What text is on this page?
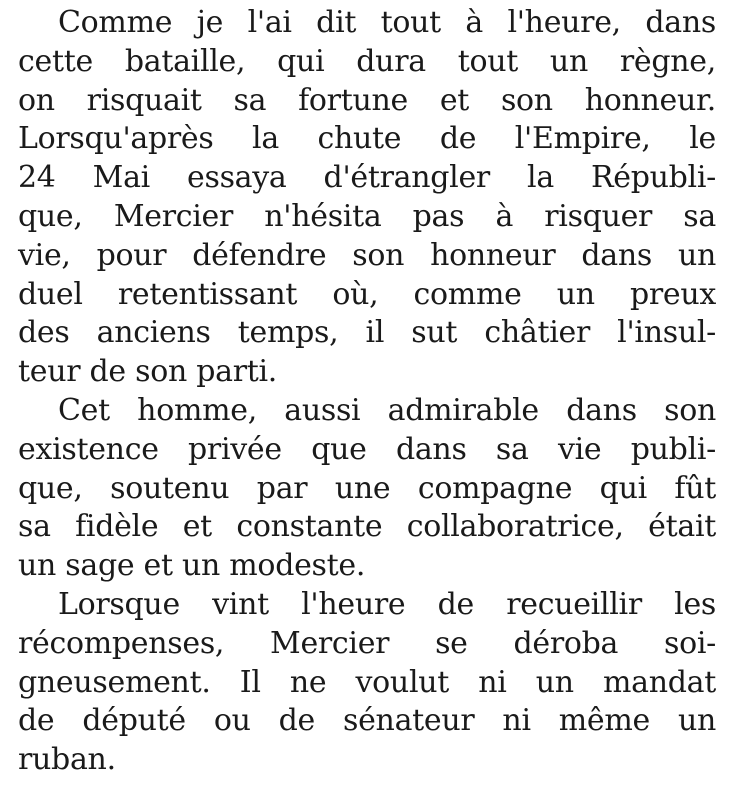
Comme je l'ai dit tout à l'heure, dans
cette bataille, qui dura tout un règne,
on risquait sa fortune et son honneur.
Lorsqu'après la chute de l'Empire, le
24 Mai essaya d'étrangler la Républi-
que, Mercier n'hésita pas à risquer sa
vie, pour défendre son honneur dans un
duel retentissant où, comme un preux
des anciens temps, il sut châtier l'insul-
teur de son parti.
Cet homme, aussi admirable dans son
existence privée que dans sa vie publi-
que, soutenu par une compagne qui fût
sa fidèle et constante collaboratrice, était
un sage et un modeste.
Lorsque vint l'heure de recueillir les
récompenses, Mercier se déroba soi-
gneusement. Il ne voulut ni un mandat
de député ou de sénateur ni même un
ruban.
